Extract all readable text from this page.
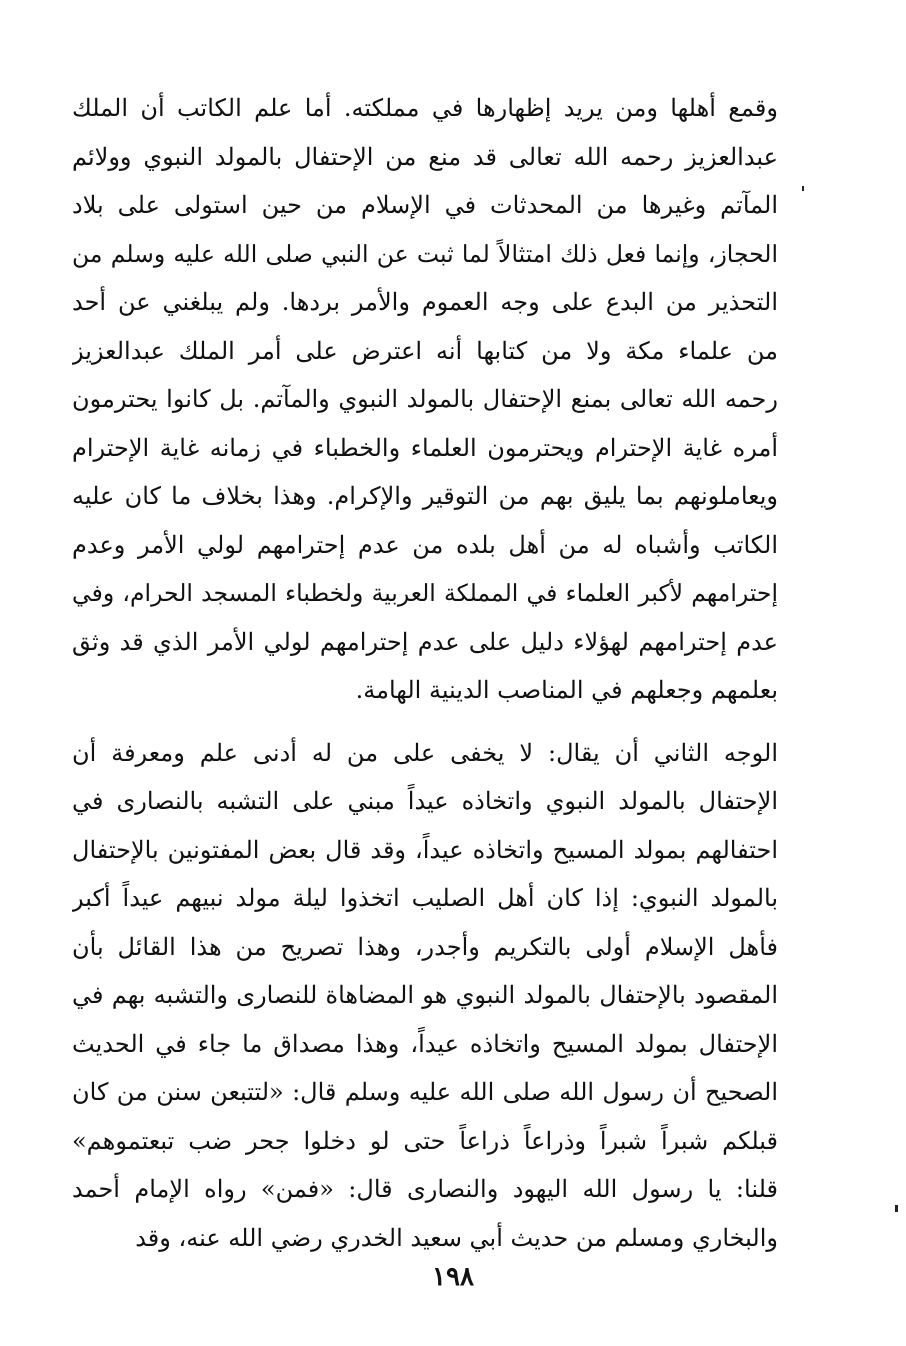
وقمع أهلها ومن يريد إظهارها في مملكته. أما علم الكاتب أن الملك

عبدالعزيز رحمه الله تعالى قد منع من الإحتفال بالمولد النبوي وولائم

المآتم وغيرها من المحدثات في الإسلام من حين استولى على بلاد

الحجاز، وإنما فعل ذلك امتثالاً لما ثبت عن النبي صلى الله عليه وسلم من

التحذير من البدع على وجه العموم والأمر بردها. ولم يبلغني عن أحد

من علماء مكة ولا من كتابها أنه اعترض على أمر الملك عبدالعزيز

رحمه الله تعالى بمنع الإحتفال بالمولد النبوي والمآتم. بل كانوا يحترمون

أمره غاية الإحترام ويحترمون العلماء والخطباء في زمانه غاية الإحترام

ويعاملونهم بما يليق بهم من التوقير والإكرام. وهذا بخلاف ما كان عليه

الكاتب وأشباه له من أهل بلده من عدم إحترامهم لولي الأمر وعدم

إحترامهم لأكبر العلماء في المملكة العربية ولخطباء المسجد الحرام، وفي

عدم إحترامهم لهؤلاء دليل على عدم إحترامهم لولي الأمر الذي قد وثق

بعلمهم وجعلهم في المناصب الدينية الهامة.

الوجه الثاني أن يقال: لا يخفى على من له أدنى علم ومعرفة أن

الإحتفال بالمولد النبوي واتخاذه عيداً مبني على التشبه بالنصارى في

احتفالهم بمولد المسيح واتخاذه عيداً، وقد قال بعض المفتونين بالإحتفال

بالمولد النبوي: إذا كان أهل الصليب اتخذوا ليلة مولد نبيهم عيداً أكبر

فأهل الإسلام أولى بالتكريم وأجدر، وهذا تصريح من هذا القائل بأن

المقصود بالإحتفال بالمولد النبوي هو المضاهاة للنصارى والتشبه بهم في

الإحتفال بمولد المسيح واتخاذه عيداً، وهذا مصداق ما جاء في الحديث

الصحيح أن رسول الله صلى الله عليه وسلم قال: «لتتبعن سنن من كان

قبلكم شبراً شبراً وذراعاً ذراعاً حتى لو دخلوا جحر ضب تبعتموهم»

قلنا: يا رسول الله اليهود والنصارى قال: «فمن» رواه الإمام أحمد

والبخاري ومسلم من حديث أبي سعيد الخدري رضي الله عنه، وقد

١٩٨
